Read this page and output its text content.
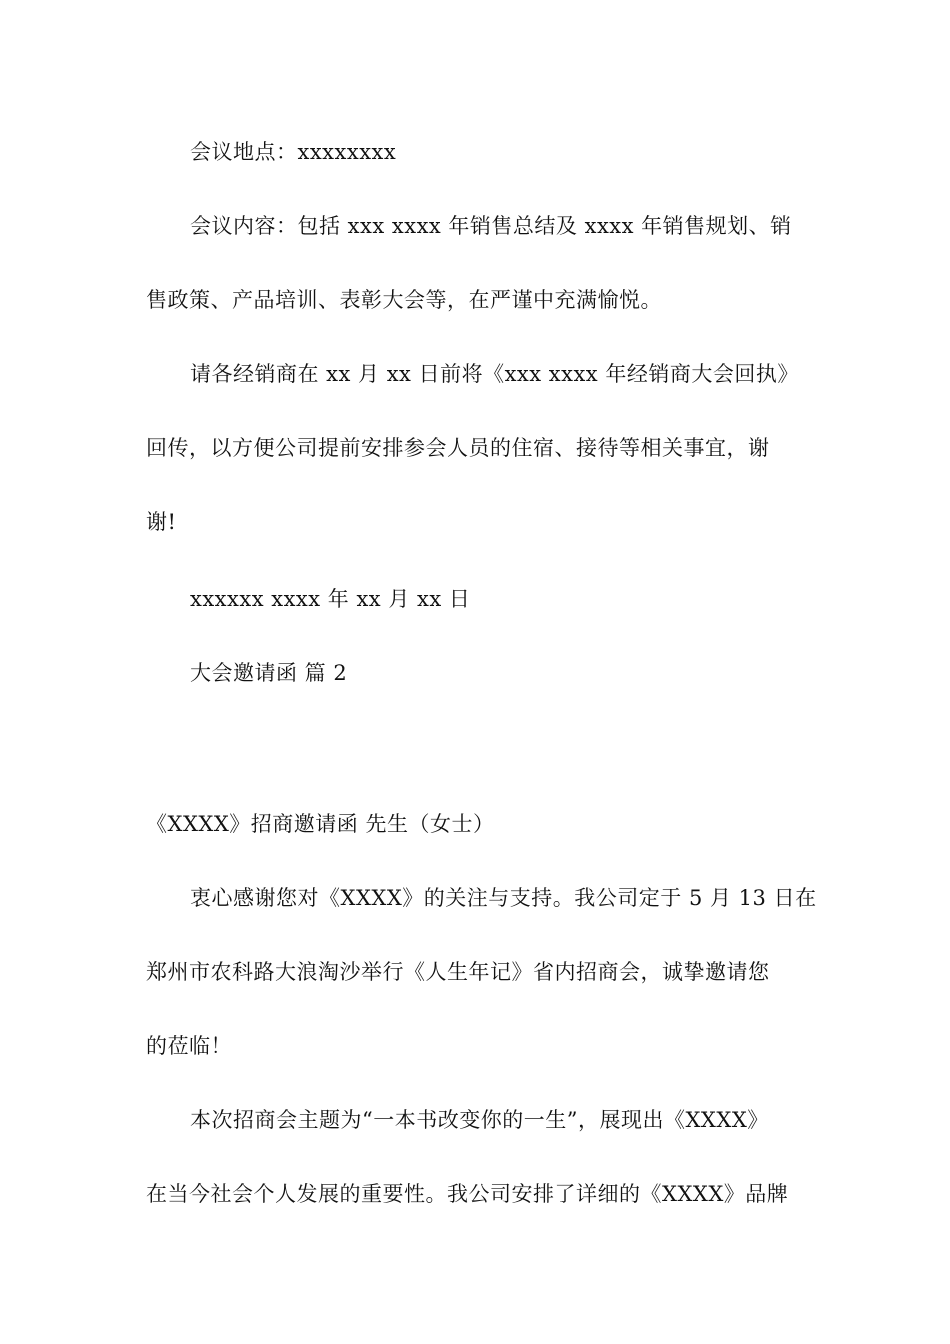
会议地点：xxxxxxxx
会议内容：包括 xxx xxxx 年销售总结及 xxxx 年销售规划、销
售政策、产品培训、表彰大会等，在严谨中充满愉悦。
请各经销商在 xx 月 xx 日前将《xxx xxxx 年经销商大会回执》
回传，以方便公司提前安排参会人员的住宿、接待等相关事宜，谢
谢!
xxxxxx xxxx 年 xx 月 xx 日
大会邀请函 篇 2
《XXXX》招商邀请函 先生（女士）
衷心感谢您对《XXXX》的关注与支持。我公司定于 5 月 13 日在
郑州市农科路大浪淘沙举行《人生年记》省内招商会，诚挚邀请您
的莅临！
本次招商会主题为“一本书改变你的一生”，展现出《XXXX》
在当今社会个人发展的重要性。我公司安排了详细的《XXXX》品牌
